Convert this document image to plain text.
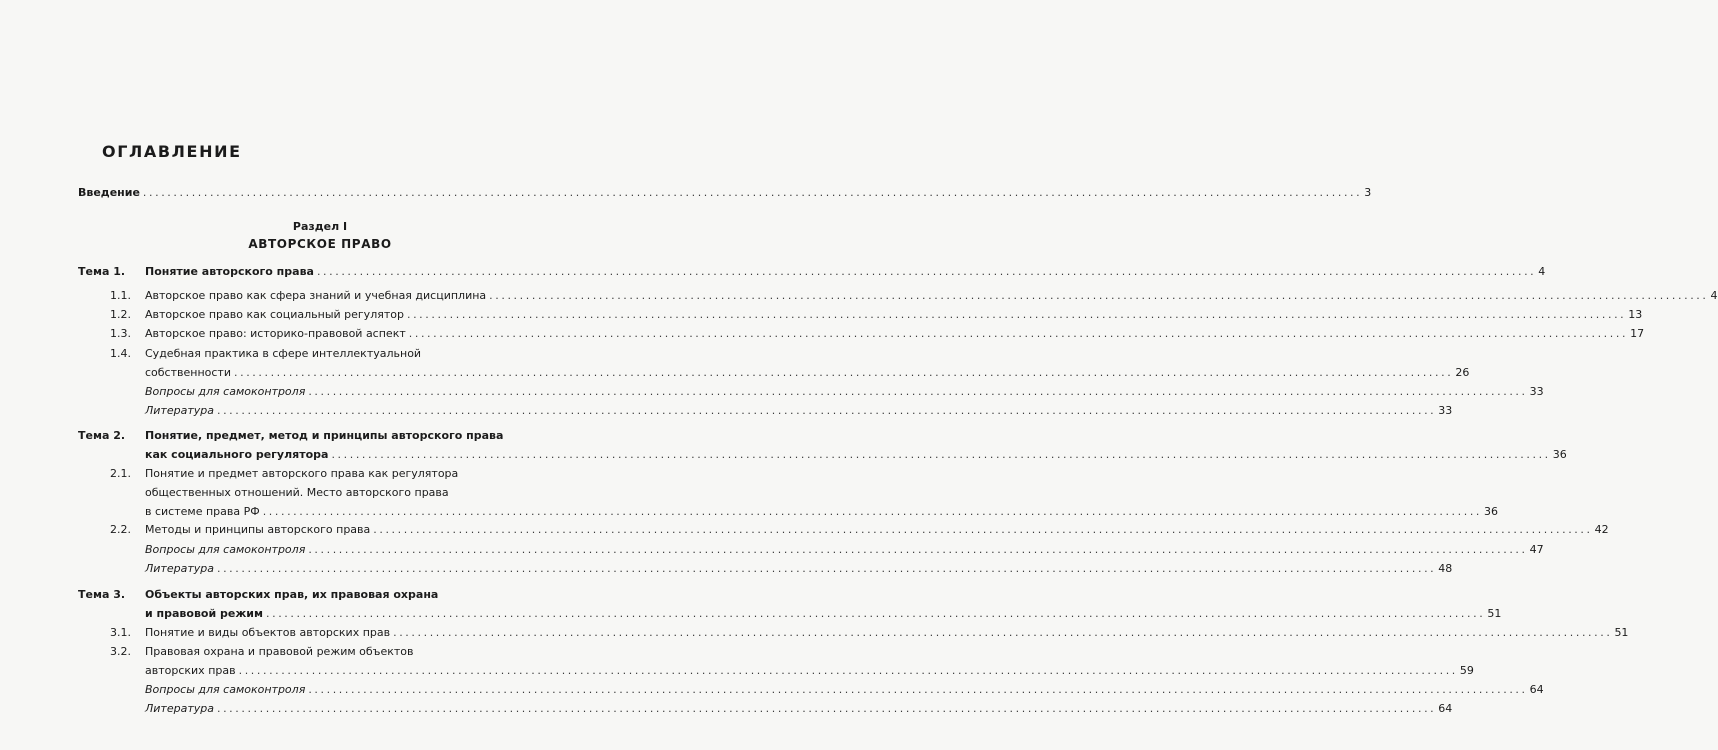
ОГЛАВЛЕНИЕ
Введение ........................................................................................................................................................................................................ 3
Раздел I
АВТОРСКОЕ ПРАВО
Тема 1. Понятие авторского права ........................................................................................................................................................................................................ 4
1.1. Авторское право как сфера знаний и учебная дисциплина ........................................................................................................................................................................................................ 4
1.2. Авторское право как социальный регулятор ........................................................................................................................................................................................................ 13
1.3. Авторское право: историко-правовой аспект ........................................................................................................................................................................................................ 17
1.4. Судебная практика в сфере интеллектуальной
собственности ........................................................................................................................................................................................................ 26
Вопросы для самоконтроля ........................................................................................................................................................................................................ 33
Литература ........................................................................................................................................................................................................ 33
Тема 2. Понятие, предмет, метод и принципы авторского права
как социального регулятора ........................................................................................................................................................................................................ 36
2.1. Понятие и предмет авторского права как регулятора
общественных отношений. Место авторского права
в системе права РФ ........................................................................................................................................................................................................ 36
2.2. Методы и принципы авторского права ........................................................................................................................................................................................................ 42
Вопросы для самоконтроля ........................................................................................................................................................................................................ 47
Литература ........................................................................................................................................................................................................ 48
Тема 3. Объекты авторских прав, их правовая охрана
и правовой режим ........................................................................................................................................................................................................ 51
3.1. Понятие и виды объектов авторских прав ........................................................................................................................................................................................................ 51
3.2. Правовая охрана и правовой режим объектов
авторских прав ........................................................................................................................................................................................................ 59
Вопросы для самоконтроля ........................................................................................................................................................................................................ 64
Литература ........................................................................................................................................................................................................ 64
